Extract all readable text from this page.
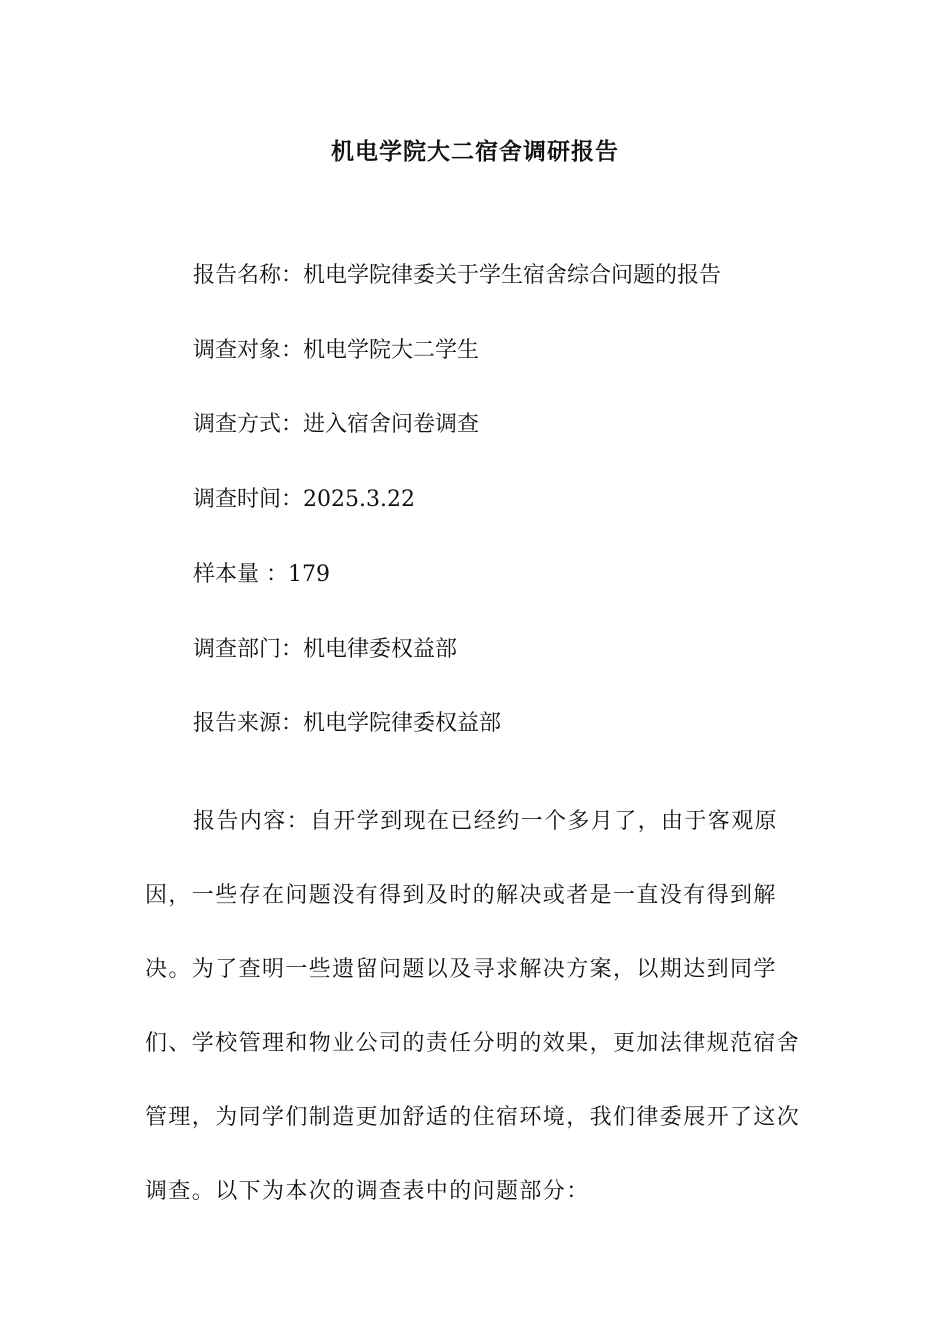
机电学院大二宿舍调研报告
报告名称：机电学院律委关于学生宿舍综合问题的报告
调查对象：机电学院大二学生
调查方式：进入宿舍问卷调查
调查时间：2025.3.22
样本量 ：179
调查部门：机电律委权益部
报告来源：机电学院律委权益部

报告内容：自开学到现在已经约一个多月了，由于客观原因，一些存在问题没有得到及时的解决或者是一直没有得到解决。为了查明一些遗留问题以及寻求解决方案，以期达到同学们、学校管理和物业公司的责任分明的效果，更加法律规范宿舍管理，为同学们制造更加舒适的住宿环境，我们律委展开了这次调查。以下为本次的调查表中的问题部分：
